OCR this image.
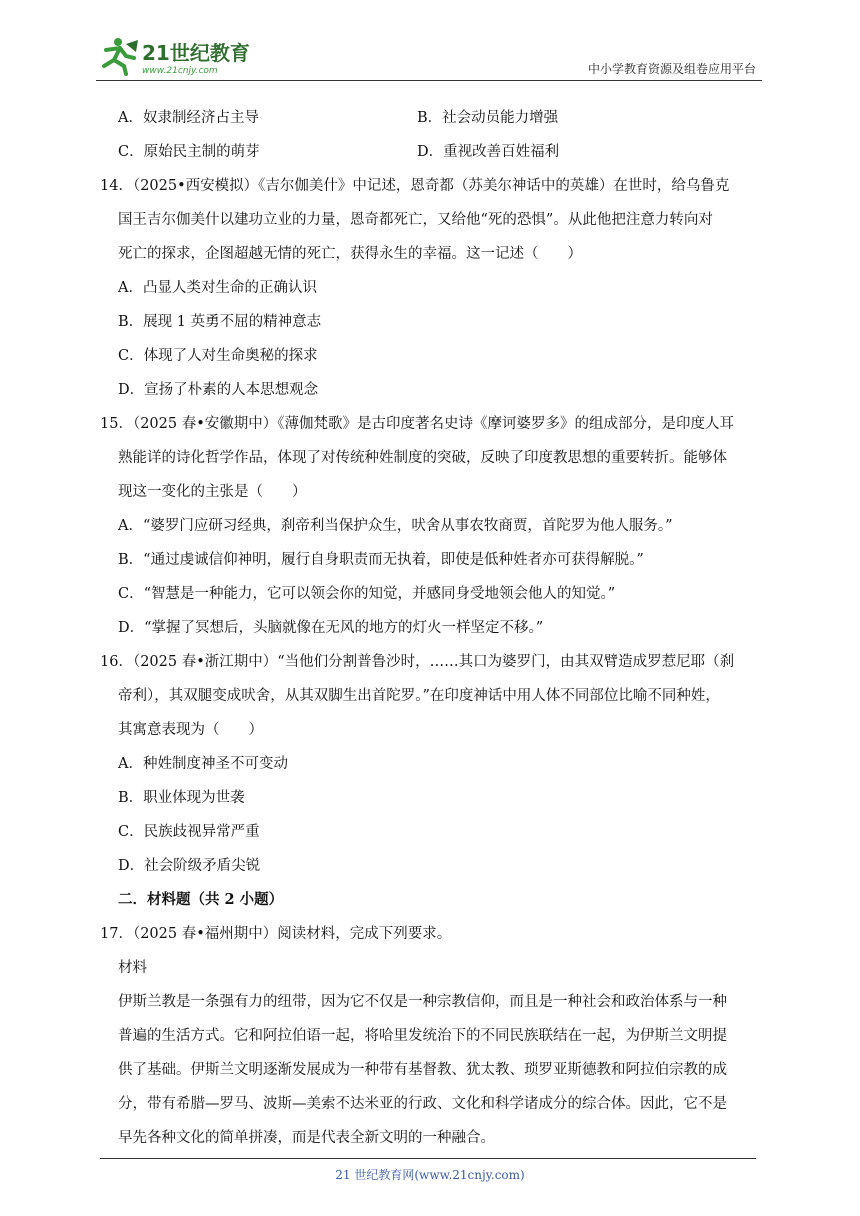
21世纪教育
www.21cnjy.com	中小学教育资源及组卷应用平台
A．奴隶制经济占主导	B．社会动员能力增强
C．原始民主制的萌芽	D．重视改善百姓福利
14．（2025•西安模拟）《吉尔伽美什》中记述，恩奇都（苏美尔神话中的英雄）在世时，给乌鲁克
国王吉尔伽美什以建功立业的力量，恩奇都死亡，又给他“死的恐惧”。从此他把注意力转向对
死亡的探求，企图超越无情的死亡，获得永生的幸福。这一记述（　　）
A．凸显人类对生命的正确认识
B．展现 1 英勇不屈的精神意志
C．体现了人对生命奥秘的探求
D．宣扬了朴素的人本思想观念
15．（2025 春•安徽期中）《薄伽梵歌》是古印度著名史诗《摩诃婆罗多》的组成部分，是印度人耳
熟能详的诗化哲学作品，体现了对传统种姓制度的突破，反映了印度教思想的重要转折。能够体
现这一变化的主张是（　　）
A．“婆罗门应研习经典，刹帝利当保护众生，吠舍从事农牧商贾，首陀罗为他人服务。”
B．“通过虔诚信仰神明，履行自身职责而无执着，即使是低种姓者亦可获得解脱。”
C．“智慧是一种能力，它可以领会你的知觉，并感同身受地领会他人的知觉。”
D．“掌握了冥想后，头脑就像在无风的地方的灯火一样坚定不移。”
16．（2025 春•浙江期中）“当他们分割普鲁沙时，……其口为婆罗门，由其双臂造成罗惹尼耶（刹
帝利），其双腿变成吠舍，从其双脚生出首陀罗。”在印度神话中用人体不同部位比喻不同种姓，
其寓意表现为（　　）
A．种姓制度神圣不可变动
B．职业体现为世袭
C．民族歧视异常严重
D．社会阶级矛盾尖锐
二．材料题（共 2 小题）
17．（2025 春•福州期中）阅读材料，完成下列要求。
材料
伊斯兰教是一条强有力的纽带，因为它不仅是一种宗教信仰，而且是一种社会和政治体系与一种
普遍的生活方式。它和阿拉伯语一起，将哈里发统治下的不同民族联结在一起，为伊斯兰文明提
供了基础。伊斯兰文明逐渐发展成为一种带有基督教、犹太教、琐罗亚斯德教和阿拉伯宗教的成
分，带有希腊—罗马、波斯—美索不达米亚的行政、文化和科学诸成分的综合体。因此，它不是
早先各种文化的简单拼凑，而是代表全新文明的一种融合。
21 世纪教育网(www.21cnjy.com)
